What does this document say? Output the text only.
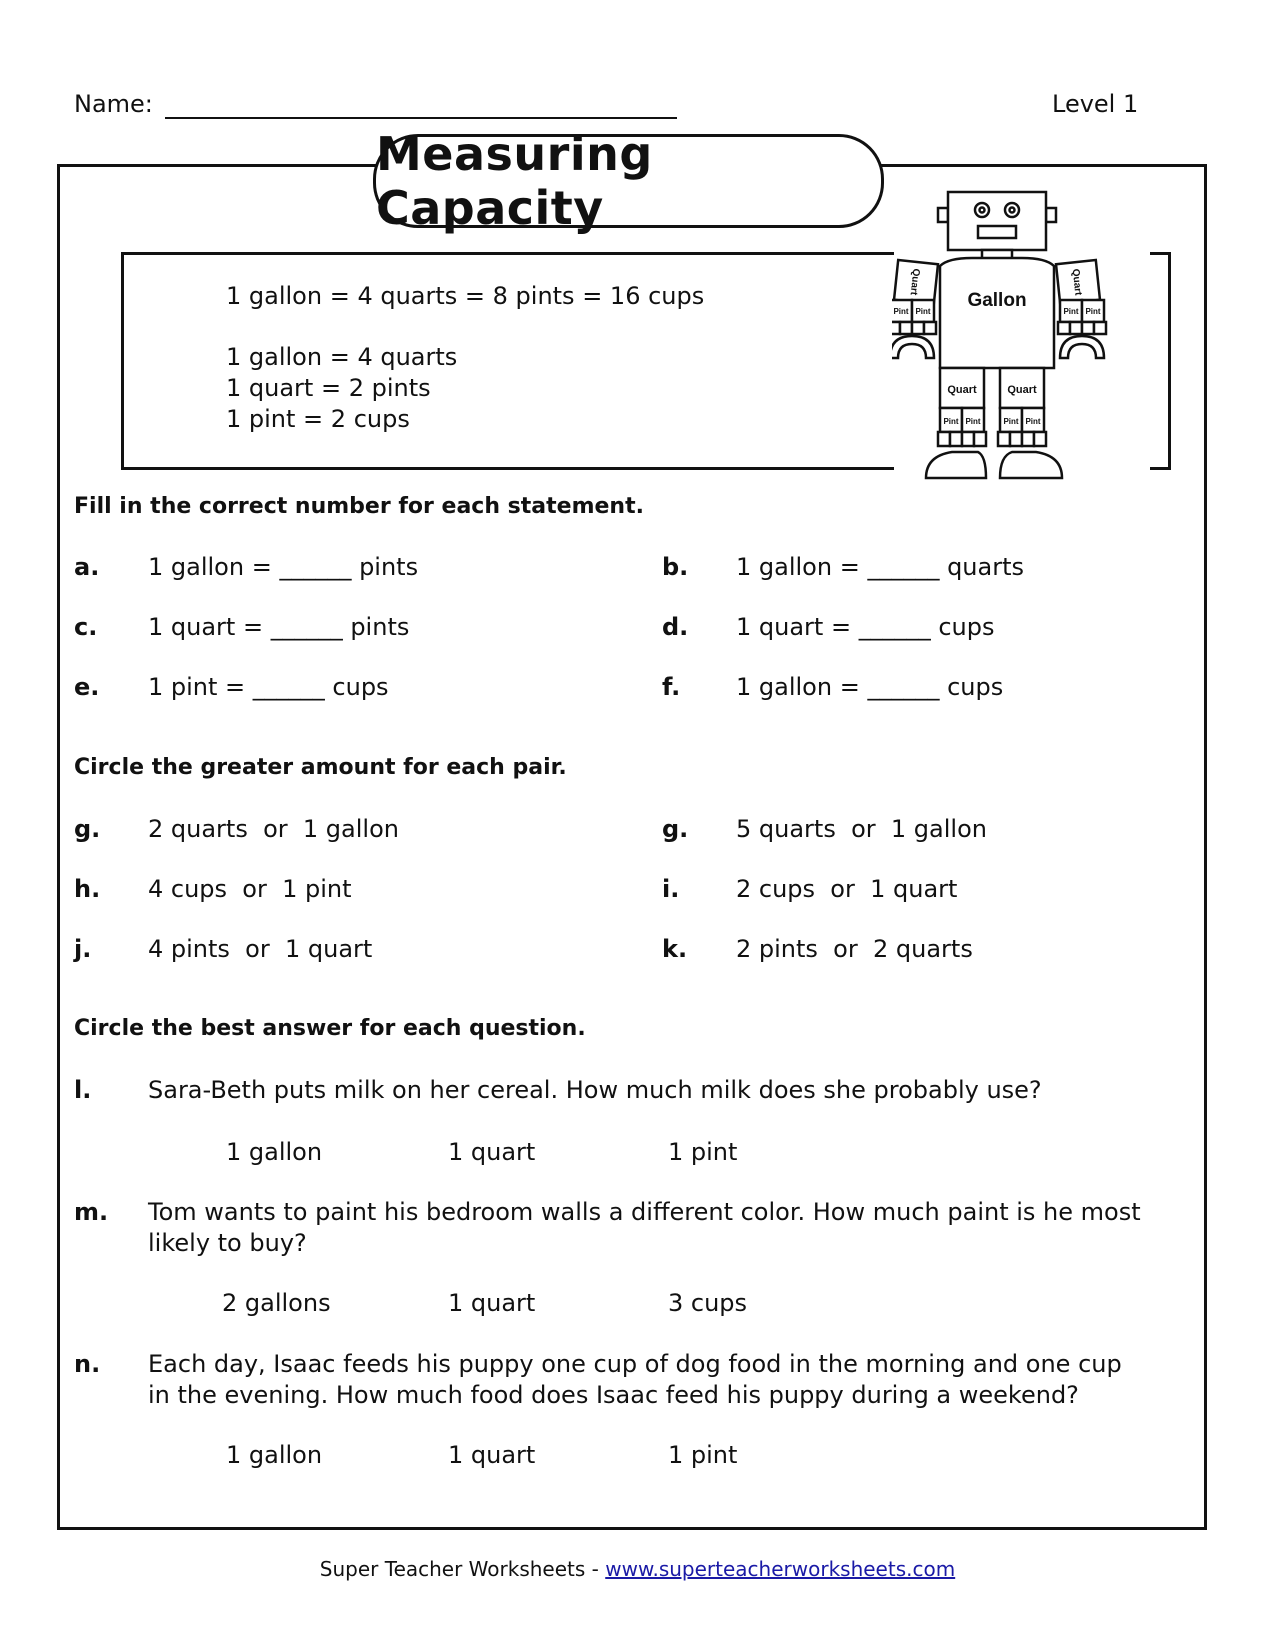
Name:	Level 1
Measuring Capacity
1 gallon = 4 quarts = 8 pints = 16 cups
1 gallon = 4 quarts
1 quart = 2 pints
1 pint = 2 cups
Gallon
Quart	Quart
Quart	Quart
Pint Pint	Pint Pint
Pint Pint	Pint Pint
Fill in the correct number for each statement.
a. 1 gallon = ______ pints	b. 1 gallon = ______ quarts
c. 1 quart = ______ pints	d. 1 quart = ______ cups
e. 1 pint = ______ cups	f. 1 gallon = ______ cups
Circle the greater amount for each pair.
g. 2 quarts  or  1 gallon	g. 5 quarts  or  1 gallon
h. 4 cups  or  1 pint	i. 2 cups  or  1 quart
j. 4 pints  or  1 quart	k. 2 pints  or  2 quarts
Circle the best answer for each question.
l. Sara-Beth puts milk on her cereal. How much milk does she probably use?
1 gallon	1 quart	1 pint
m. Tom wants to paint his bedroom walls a different color. How much paint is he most
likely to buy?
2 gallons	1 quart	3 cups
n. Each day, Isaac feeds his puppy one cup of dog food in the morning and one cup
in the evening. How much food does Isaac feed his puppy during a weekend?
1 gallon	1 quart	1 pint
Super Teacher Worksheets - www.superteacherworksheets.com
